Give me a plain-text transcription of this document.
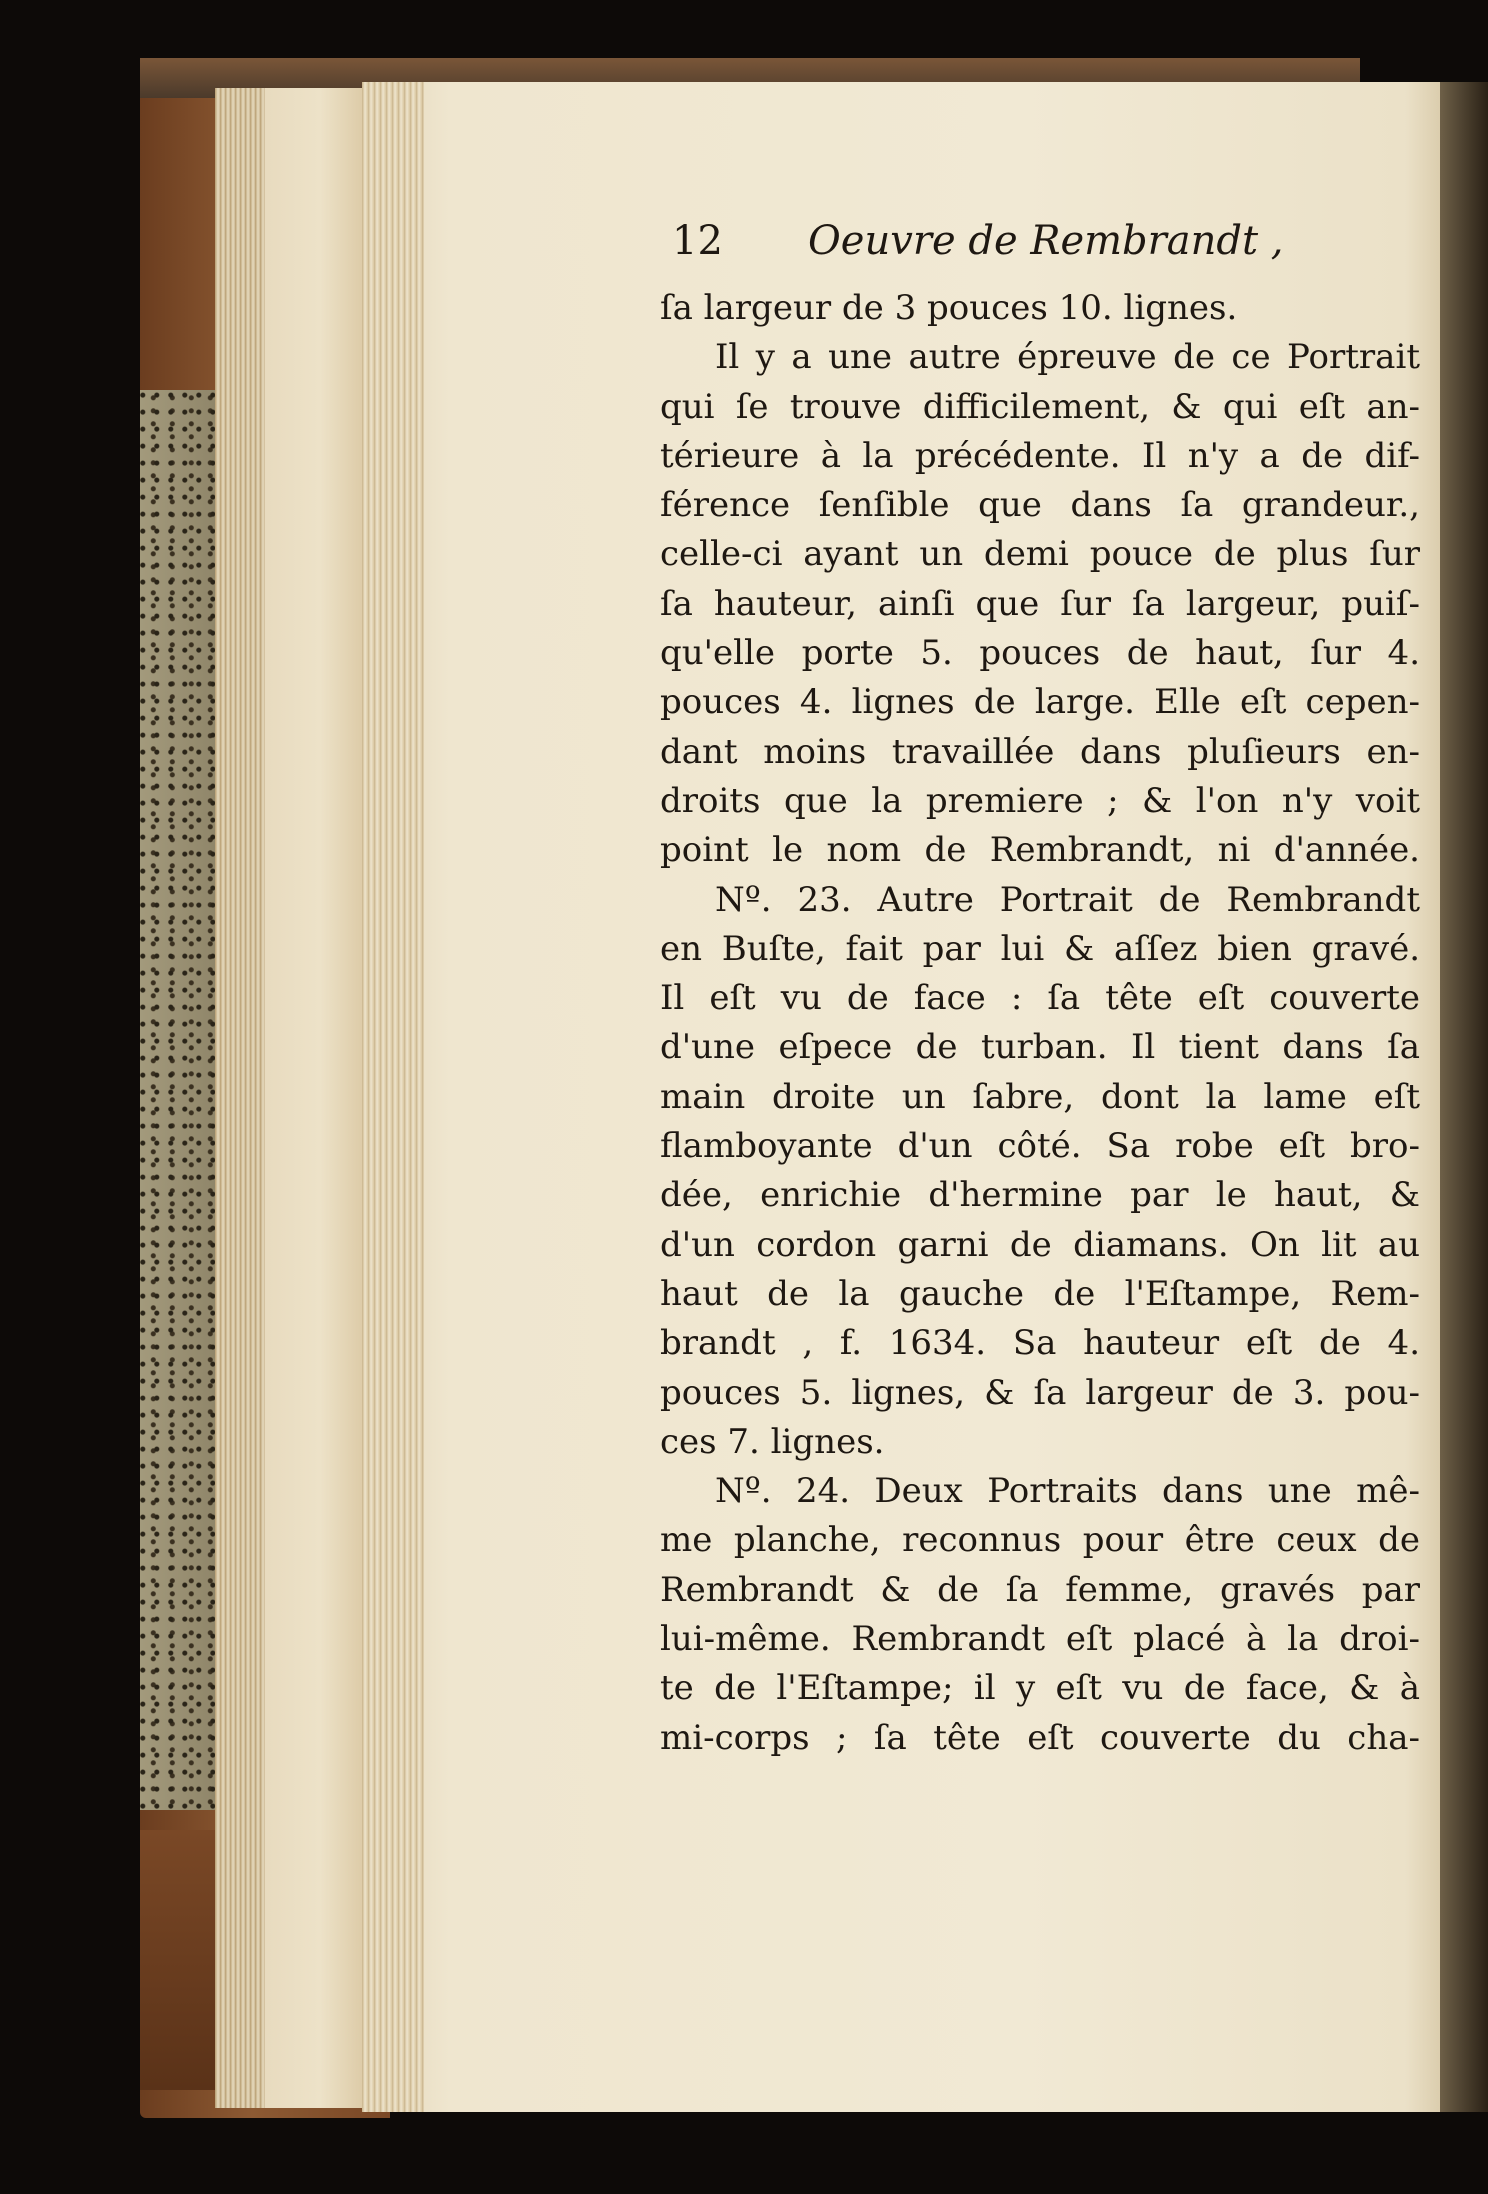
12 Oeuvre de Rembrandt ,
ſa largeur de 3 pouces 10. lignes.
Il y a une autre épreuve de ce Portrait
qui ſe trouve difficilement, & qui eſt an-
térieure à la précédente. Il n'y a de dif-
férence ſenſible que dans ſa grandeur.,
celle-ci ayant un demi pouce de plus ſur
ſa hauteur, ainſi que ſur ſa largeur, puiſ-
qu'elle porte 5. pouces de haut, ſur 4.
pouces 4. lignes de large. Elle eſt cepen-
dant moins travaillée dans pluſieurs en-
droits que la premiere ; & l'on n'y voit
point le nom de Rembrandt, ni d'année.
Nº. 23. Autre Portrait de Rembrandt
en Buſte, fait par lui & aſſez bien gravé.
Il eſt vu de face : ſa tête eſt couverte
d'une eſpece de turban. Il tient dans ſa
main droite un ſabre, dont la lame eſt
flamboyante d'un côté. Sa robe eſt bro-
dée, enrichie d'hermine par le haut, &
d'un cordon garni de diamans. On lit au
haut de la gauche de l'Eſtampe, Rem-
brandt , f. 1634. Sa hauteur eſt de 4.
pouces 5. lignes, & ſa largeur de 3. pou-
ces 7. lignes.
Nº. 24. Deux Portraits dans une mê-
me planche, reconnus pour être ceux de
Rembrandt & de ſa femme, gravés par
lui-même. Rembrandt eſt placé à la droi-
te de l'Eſtampe; il y eſt vu de face, & à
mi-corps ; ſa tête eſt couverte du cha-
